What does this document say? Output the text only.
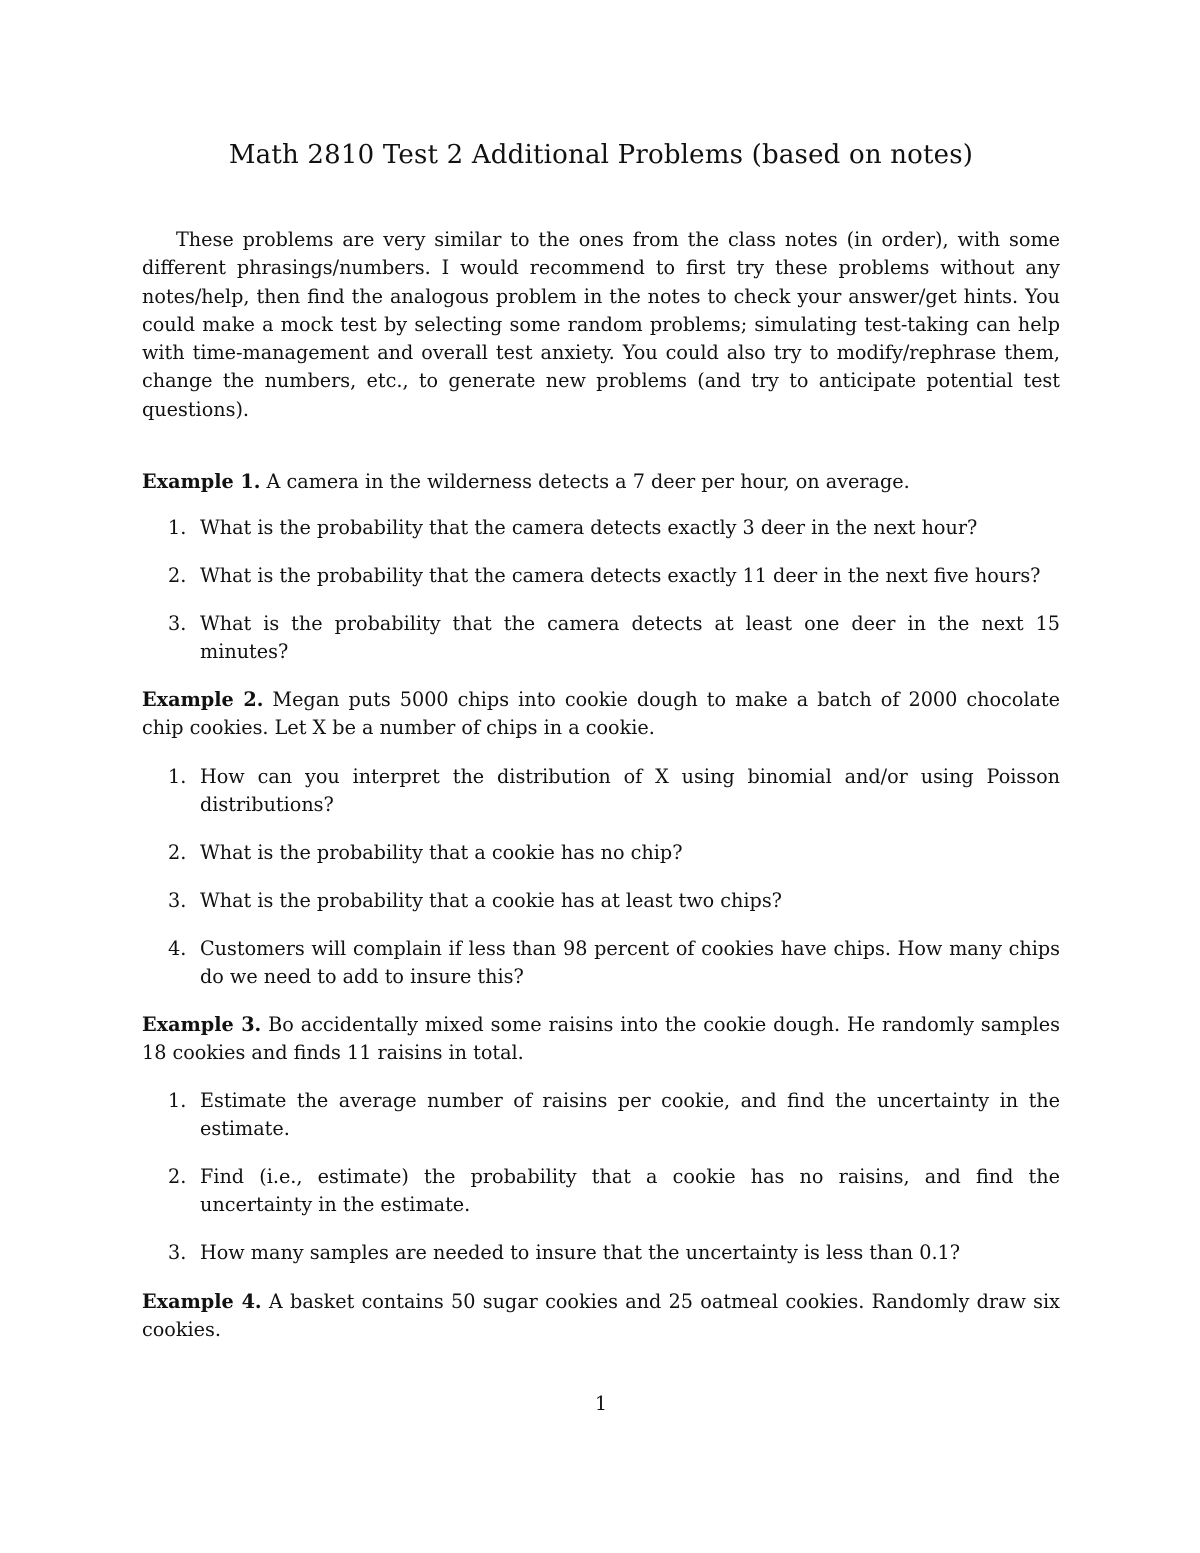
Math 2810 Test 2 Additional Problems (based on notes)

These problems are very similar to the ones from the class notes (in order), with some different phrasings/numbers. I would recommend to first try these problems without any notes/help, then find the analogous problem in the notes to check your answer/get hints. You could make a mock test by selecting some random problems; simulating test-taking can help with time-management and overall test anxiety. You could also try to modify/rephrase them, change the numbers, etc., to generate new problems (and try to anticipate potential test questions).

Example 1. A camera in the wilderness detects a 7 deer per hour, on average.

1. What is the probability that the camera detects exactly 3 deer in the next hour?
2. What is the probability that the camera detects exactly 11 deer in the next five hours?
3. What is the probability that the camera detects at least one deer in the next 15 minutes?

Example 2. Megan puts 5000 chips into cookie dough to make a batch of 2000 chocolate chip cookies. Let X be a number of chips in a cookie.

1. How can you interpret the distribution of X using binomial and/or using Poisson distributions?
2. What is the probability that a cookie has no chip?
3. What is the probability that a cookie has at least two chips?
4. Customers will complain if less than 98 percent of cookies have chips. How many chips do we need to add to insure this?

Example 3. Bo accidentally mixed some raisins into the cookie dough. He randomly samples 18 cookies and finds 11 raisins in total.

1. Estimate the average number of raisins per cookie, and find the uncertainty in the estimate.
2. Find (i.e., estimate) the probability that a cookie has no raisins, and find the uncertainty in the estimate.
3. How many samples are needed to insure that the uncertainty is less than 0.1?

Example 4. A basket contains 50 sugar cookies and 25 oatmeal cookies. Randomly draw six cookies.

1
